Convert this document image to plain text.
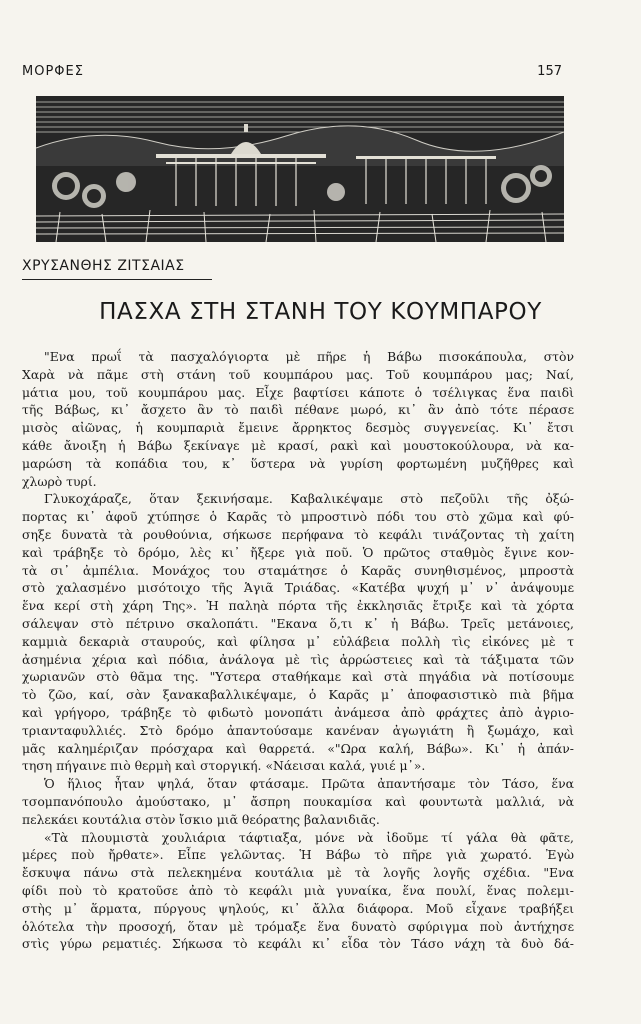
ΜΟΡΦΕΣ	157
ΧΡΥΣΑΝΘΗΣ ΖΙΤΣΑΙΑΣ
ΠΑΣΧΑ ΣΤΗ ΣΤΑΝΗ ΤΟΥ ΚΟΥΜΠΑΡΟΥ
"Ενα πρωΐ τὰ πασχαλόγιορτα μὲ πῆρε ἡ Βάβω πισοκάπουλα, στὸν
Χαρὰ νὰ πᾶμε στὴ στάνη τοῦ κουμπάρου μας. Τοῦ κουμπάρου μας; Ναί,
μάτια μου, τοῦ κουμπάρου μας. Εἶχε βαφτίσει κάποτε ὁ τσέλιγκας ἕνα παιδὶ
τῆς Βάβως, κι᾽ ἄσχετο ἂν τὸ παιδὶ πέθανε μωρό, κι᾽ ἂν ἀπὸ τότε πέρασε
μισὸς αἰῶνας, ἡ κουμπαριὰ ἔμεινε ἄρρηκτος δεσμὸς συγγενείας. Κι᾽ ἔτσι
κάθε ἄνοιξη ἡ Βάβω ξεκίναγε μὲ κρασί, ρακὶ καὶ μουστοκούλουρα, νὰ κα-
μαρώση τὰ κοπάδια του, κ᾽ ὕστερα νὰ γυρίση φορτωμένη μυζῆθρες καὶ
χλωρὸ τυρί.
Γλυκοχάραζε, ὅταν ξεκινήσαμε. Καβαλικέψαμε στὸ πεζοῦλι τῆς ὀξώ-
πορτας κι᾽ ἀφοῦ χτύπησε ὁ Καρᾶς τὸ μπροστινὸ πόδι του στὸ χῶμα καὶ φύ-
σηξε δυνατὰ τὰ ρουθούνια, σήκωσε περήφανα τὸ κεφάλι τινάζοντας τὴ χαίτη
καὶ τράβηξε τὸ δρόμο, λὲς κι᾽ ἤξερε γιὰ ποῦ. Ὁ πρῶτος σταθμὸς ἔγινε κον-
τὰ σι᾽ ἀμπέλια. Μονάχος του σταμάτησε ὁ Καρᾶς συνηθισμένος, μπροστὰ
στὸ χαλασμένο μισότοιχο τῆς Ἁγιᾶ Τριάδας. «Κατέβα ψυχή μ᾽ ν᾽ ἀνάψουμε
ἕνα κερί στὴ χάρη Της». Ἡ παληὰ πόρτα τῆς ἐκκλησιᾶς ἔτριξε καὶ τὰ χόρτα
σάλεψαν στὸ πέτρινο σκαλοπάτι. "Εκανα ὅ,τι κ᾽ ἡ Βάβω. Τρεῖς μετάνοιες,
καμμιὰ δεκαριὰ σταυρούς, καὶ φίλησα μ᾽ εὐλάβεια πολλὴ τὶς εἰκόνες μὲ τ
ἀσημένια χέρια καὶ πόδια, ἀνάλογα μὲ τὶς ἀρρώστειες καὶ τὰ τάξιματα τῶν
χωριανῶν στὸ θᾶμα της. "Υστερα σταθήκαμε καὶ στὰ πηγάδια νὰ ποτίσουμε
τὸ ζῶο, καί, σὰν ξανακαβαλλικέψαμε, ὁ Καρᾶς μ᾽ ἀποφασιστικὸ πιὰ βῆμα
καὶ γρήγορο, τράβηξε τὸ φιδωτὸ μονοπάτι ἀνάμεσα ἀπὸ φράχτες ἀπὸ ἀγριο-
τριανταφυλλιές. Στὸ δρόμο ἀπαντούσαμε κανέναν ἀγωγιάτη ἢ ξωμάχο, καὶ
μᾶς καλημέριζαν πρόσχαρα καὶ θαρρετά. «"Ωρα καλή, Βάβω». Κι᾽ ἡ ἀπάν-
τηση πήγαινε πιὸ θερμὴ καὶ στοργική. «Νάεισαι καλά, γυιέ μ᾽».
Ὁ ἥλιος ἦταν ψηλά, ὅταν φτάσαμε. Πρῶτα ἀπαντήσαμε τὸν Τάσο, ἕνα
τσομπανόπουλο ἀμούστακο, μ᾽ ἄσπρη πουκαμίσα καὶ φουντωτὰ μαλλιά, νὰ
πελεκάει κουτάλια στὸν ἴσκιο μιᾶ θεόρατης βαλανιδιᾶς.
«Τὰ πλουμιστὰ χουλιάρια τάφτιαξα, μόνε νὰ ἰδοῦμε τί γάλα θὰ φᾶτε,
μέρες ποὺ ἤρθατε». Εἶπε γελῶντας. Ἡ Βάβω τὸ πῆρε γιὰ χωρατό. Ἐγὼ
ἔσκυψα πάνω στὰ πελεκημένα κουτάλια μὲ τὰ λογῆς λογῆς σχέδια. "Ενα
φίδι ποὺ τὸ κρατοῦσε ἀπὸ τὸ κεφάλι μιὰ γυναίκα, ἕνα πουλί, ἕνας πολεμι-
στὴς μ᾽ ἅρματα, πύργους ψηλούς, κι᾽ ἄλλα διάφορα. Μοῦ εἶχανε τραβήξει
ὁλότελα τὴν προσοχή, ὅταν μὲ τρόμαξε ἕνα δυνατὸ σφύριγμα ποὺ ἀντήχησε
στὶς γύρω ρεματιές. Σήκωσα τὸ κεφάλι κι᾽ εἶδα τὸν Τάσο νάχη τὰ δυὸ δά-
